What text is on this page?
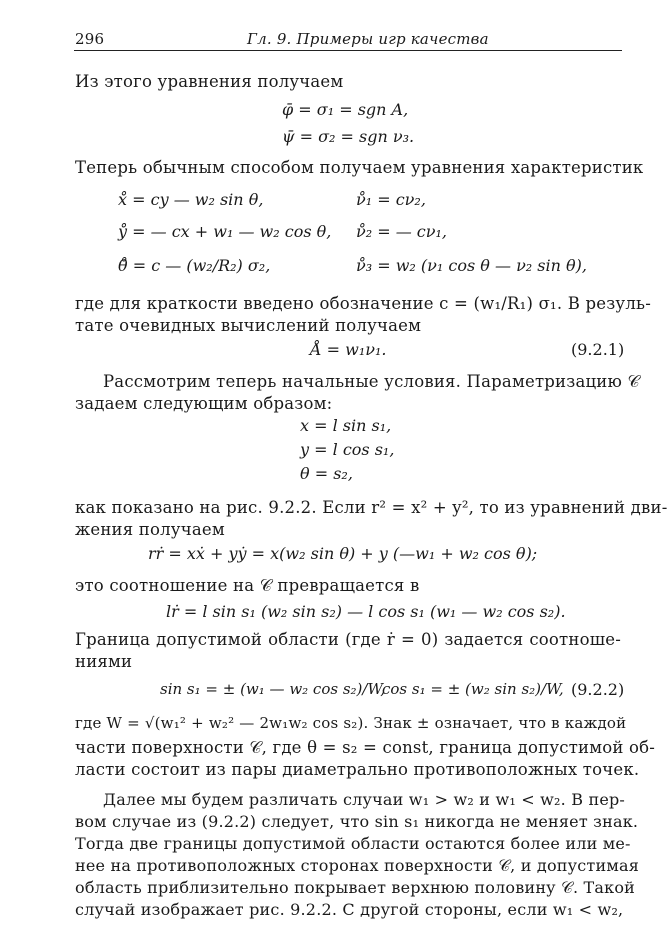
296	Гл. 9. Примеры игр качества
Из этого уравнения получаем
φ̄ = σ₁ = sgn A,
ψ̄ = σ₂ = sgn ν₃.
Теперь обычным способом получаем уравнения характеристик
x̊ = cy — w₂ sin θ,	ν̊₁ = cν₂,
ẙ = — cx + w₁ — w₂ cos θ, ν̊₂ = — cν₁,
θ̊ = c — (w₂/R₂) σ₂,	ν̊₃ = w₂ (ν₁ cos θ — ν₂ sin θ),
где для краткости введено обозначение c = (w₁/R₁) σ₁. В резуль-
тате очевидных вычислений получаем
Å = w₁ν₁.	(9.2.1)
Рассмотрим теперь начальные условия. Параметризацию 𝒞
задаем следующим образом:
x = l sin s₁,
y = l cos s₁,
θ = s₂,
как показано на рис. 9.2.2. Если r² = x² + y², то из уравнений дви-
жения получаем
rṙ = xẋ + yẏ = x(w₂ sin θ) + y (—w₁ + w₂ cos θ);
это соотношение на 𝒞 превращается в
lṙ = l sin s₁ (w₂ sin s₂) — l cos s₁ (w₁ — w₂ cos s₂).
Граница допустимой области (где ṙ = 0) задается соотноше-
ниями
sin s₁ = ± (w₁ — w₂ cos s₂)/W,
cos s₁ = ± (w₂ sin s₂)/W, (9.2.2)
где W = √(w₁² + w₂² — 2w₁w₂ cos s₂). Знак ± означает, что в каждой
части поверхности 𝒞, где θ = s₂ = const, граница допустимой об-
ласти состоит из пары диаметрально противоположных точек.
Далее мы будем различать случаи w₁ > w₂ и w₁ < w₂. В пер-
вом случае из (9.2.2) следует, что sin s₁ никогда не меняет знак.
Тогда две границы допустимой области остаются более или ме-
нее на противоположных сторонах поверхности 𝒞, и допустимая
область приблизительно покрывает верхнюю половину 𝒞. Такой
случай изображает рис. 9.2.2. С другой стороны, если w₁ < w₂,
